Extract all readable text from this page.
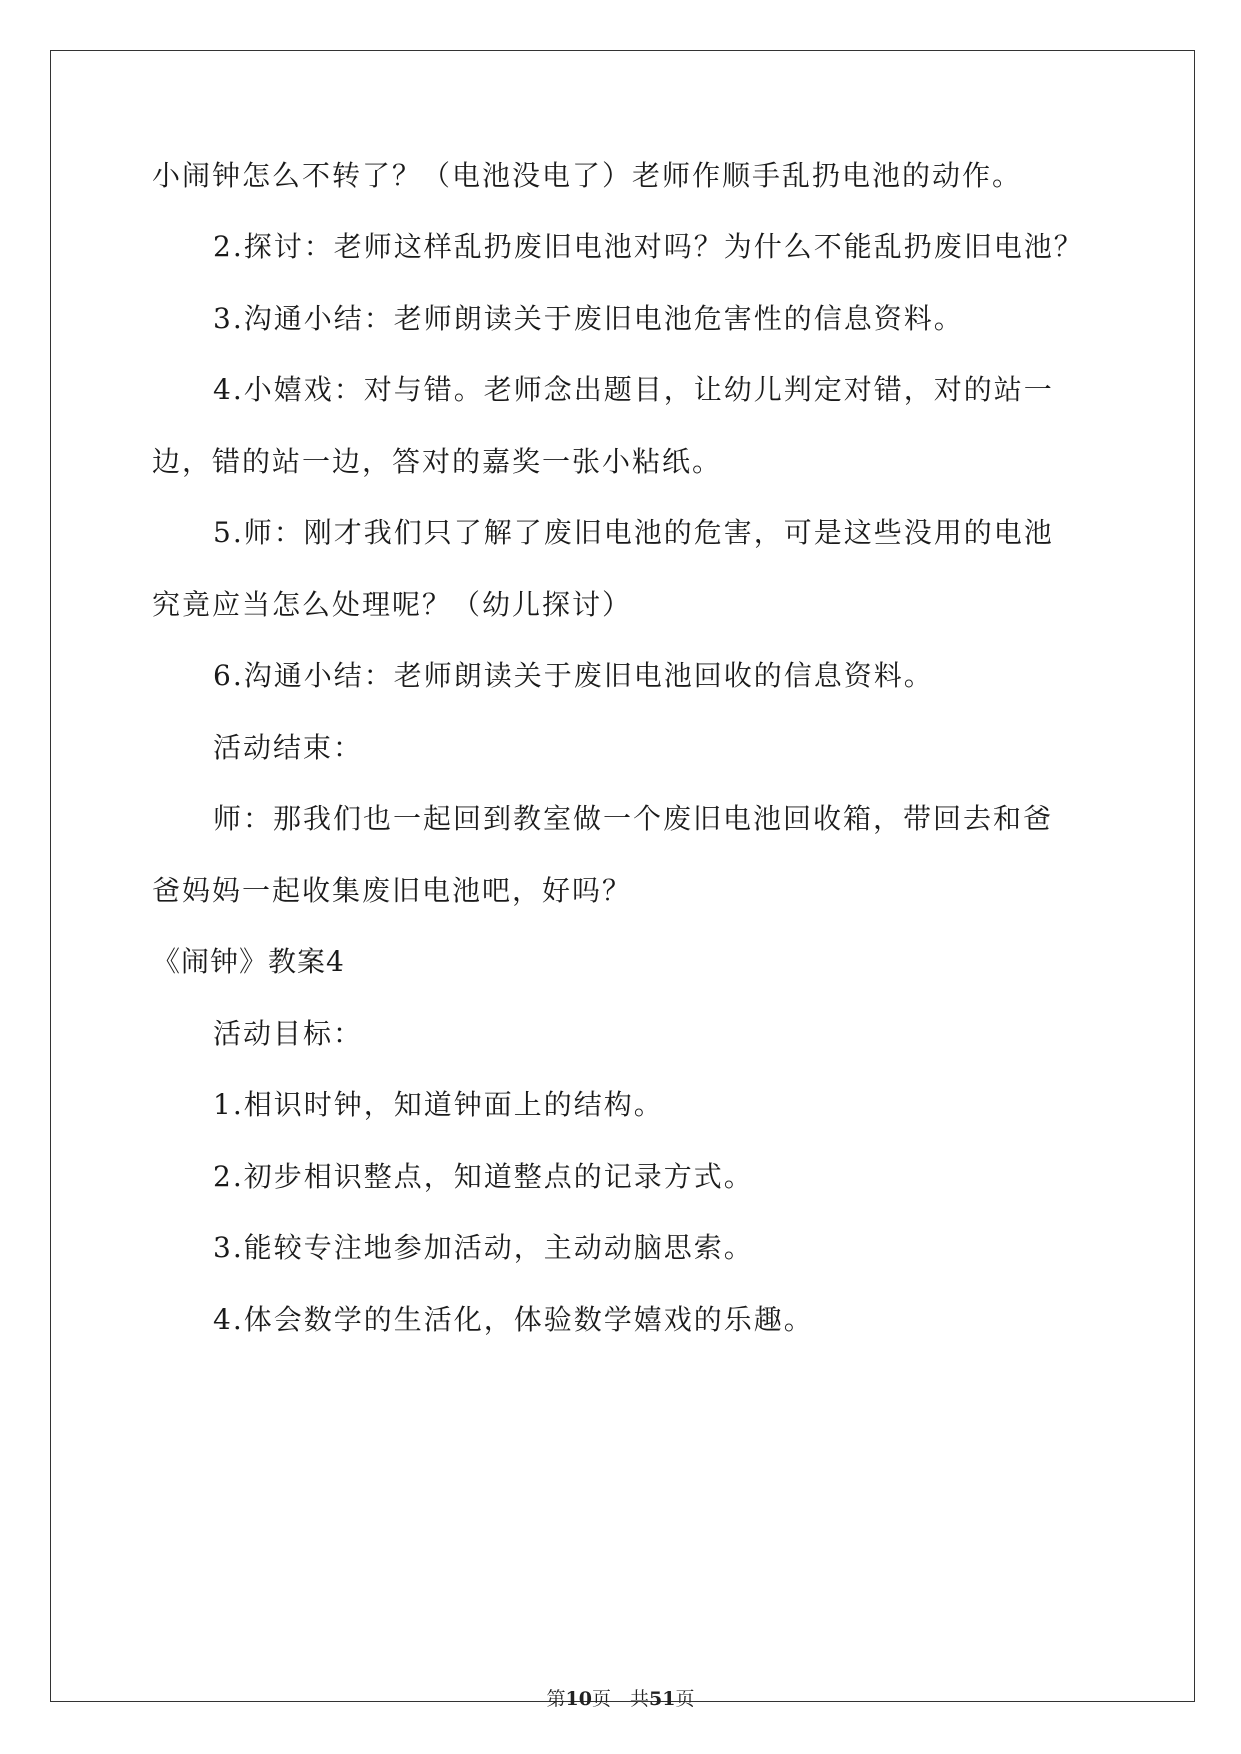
小闹钟怎么不转了？（电池没电了）老师作顺手乱扔电池的动作。
2.探讨：老师这样乱扔废旧电池对吗？为什么不能乱扔废旧电池？
3.沟通小结：老师朗读关于废旧电池危害性的信息资料。
4.小嬉戏：对与错。老师念出题目，让幼儿判定对错，对的站一
边，错的站一边，答对的嘉奖一张小粘纸。
5.师：刚才我们只了解了废旧电池的危害，可是这些没用的电池
究竟应当怎么处理呢？（幼儿探讨）
6.沟通小结：老师朗读关于废旧电池回收的信息资料。
活动结束：
师：那我们也一起回到教室做一个废旧电池回收箱，带回去和爸
爸妈妈一起收集废旧电池吧，好吗？
《闹钟》教案4
活动目标：
1.相识时钟，知道钟面上的结构。
2.初步相识整点，知道整点的记录方式。
3.能较专注地参加活动，主动动脑思索。
4.体会数学的生活化，体验数学嬉戏的乐趣。
第10页　共51页
